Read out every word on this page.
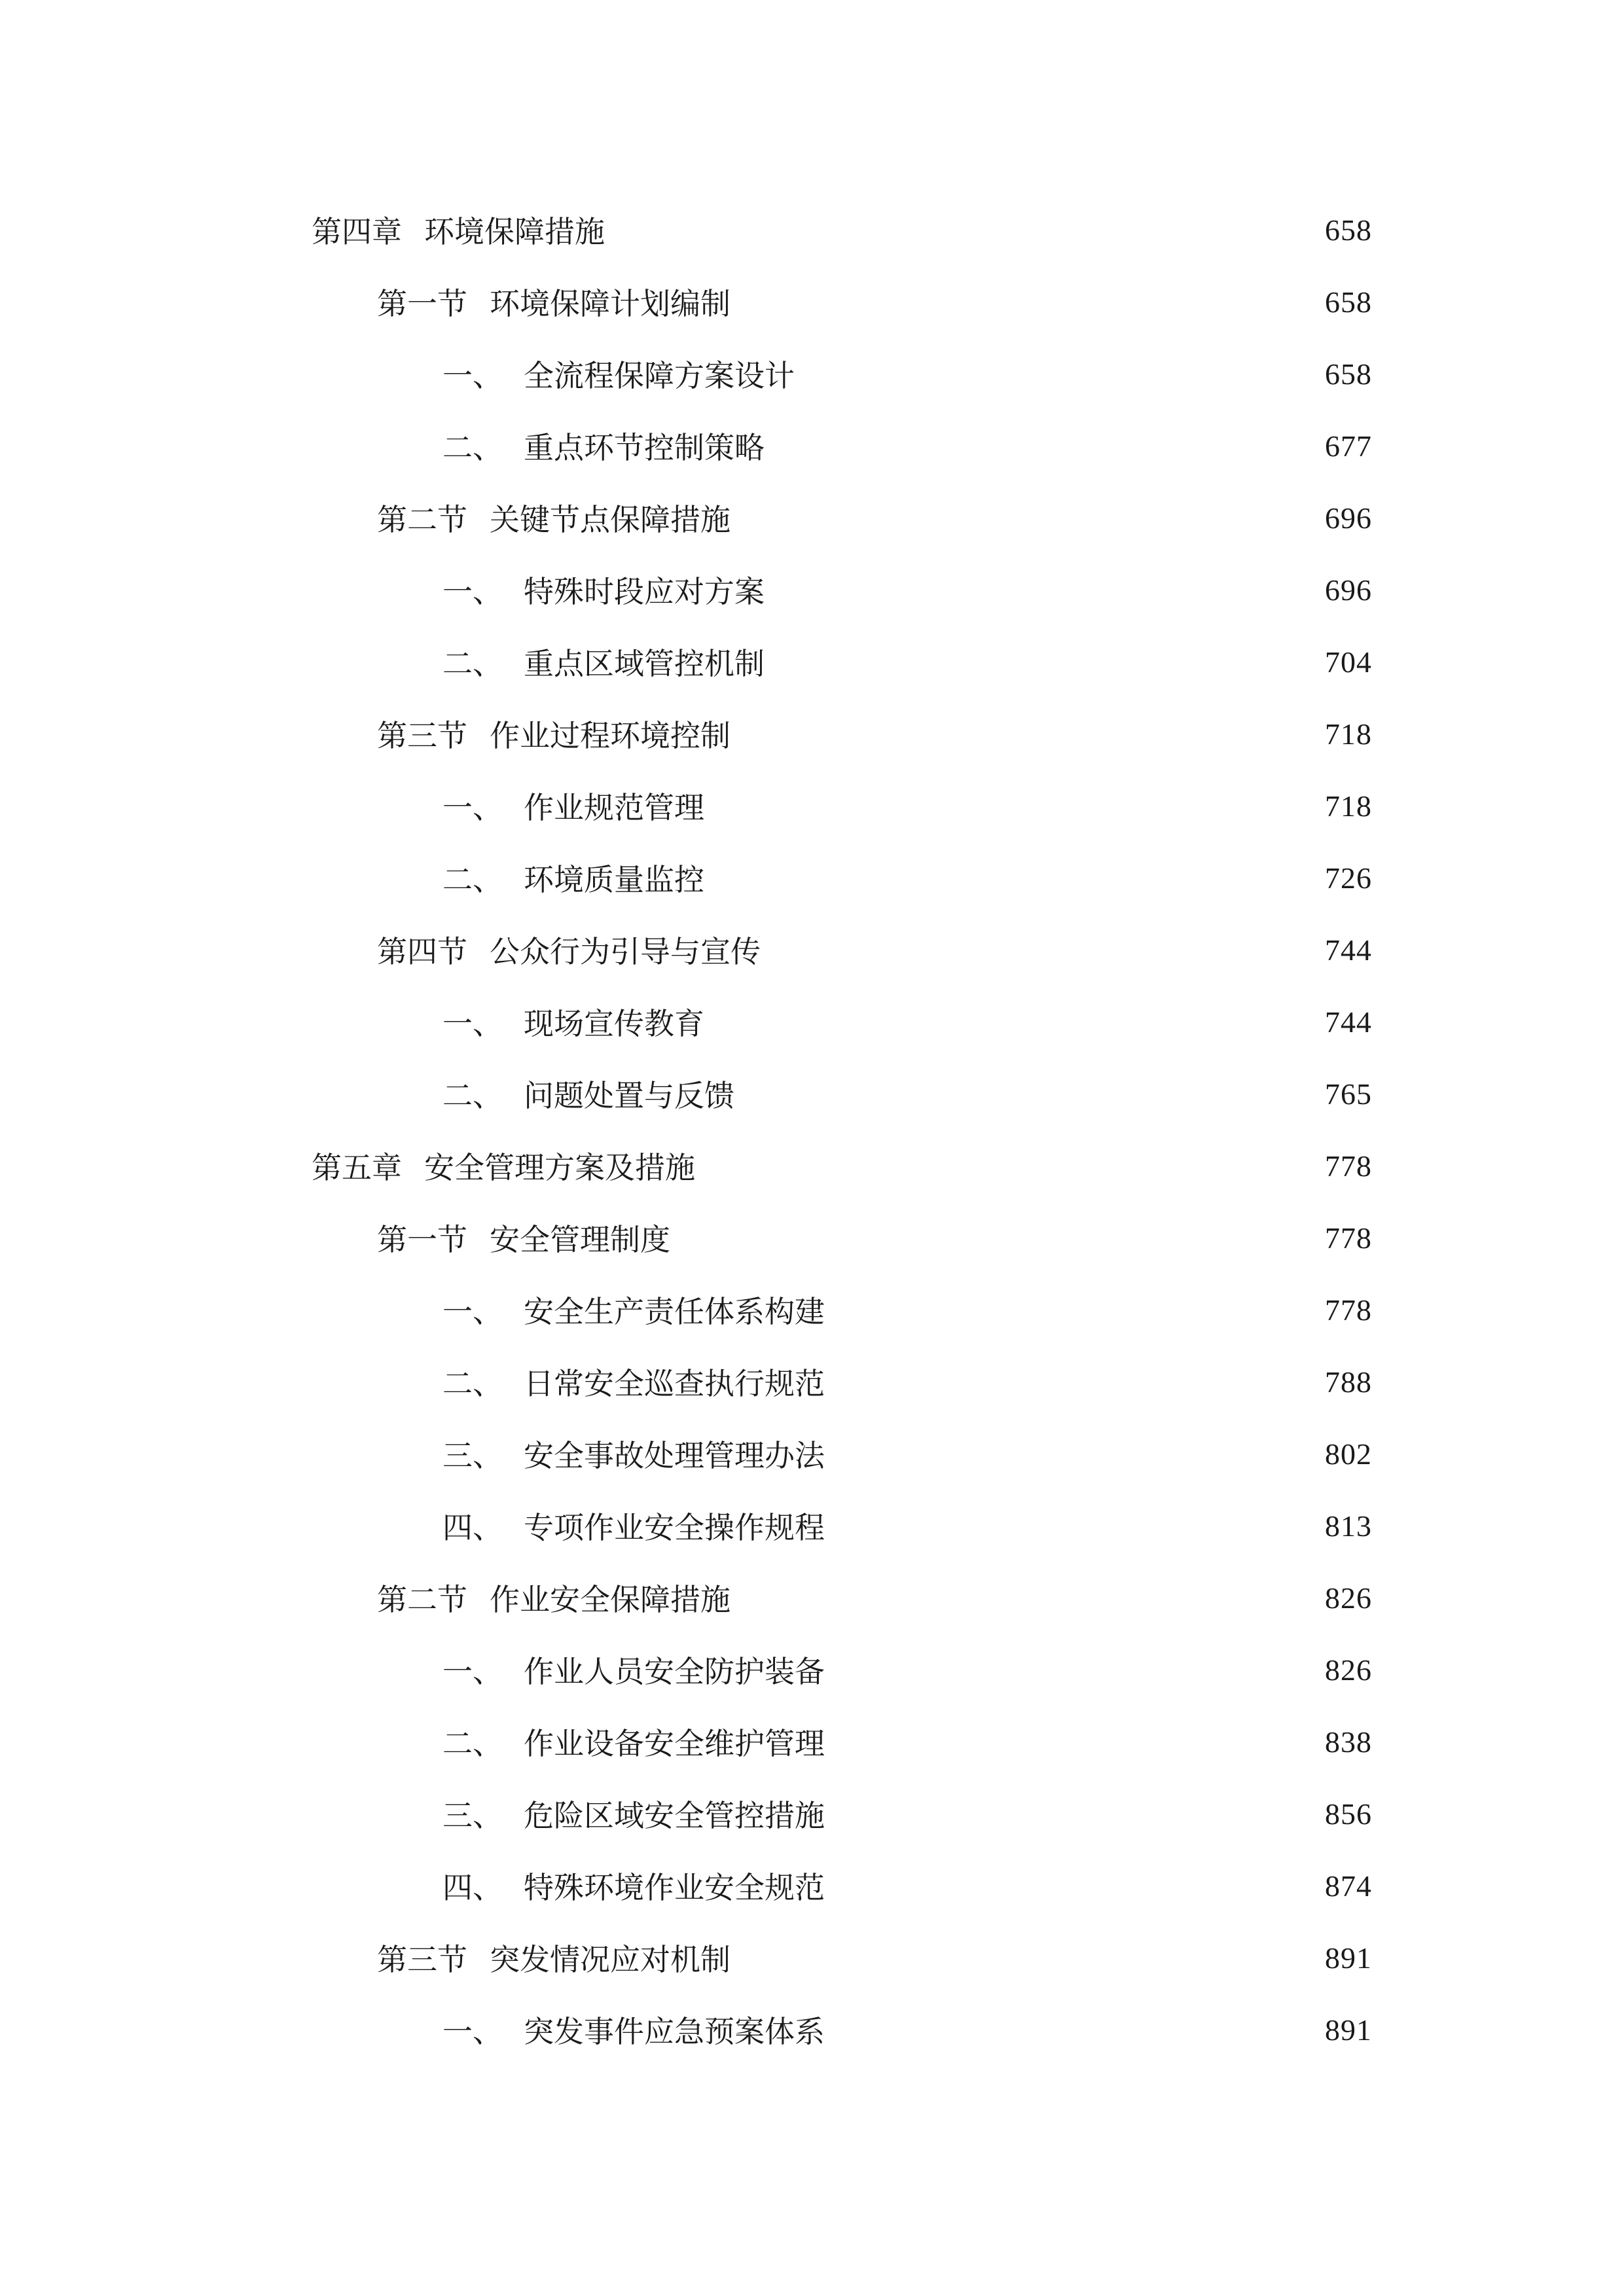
第四章 环境保障措施	658
第一节 环境保障计划编制	658
一、 全流程保障方案设计	658
二、 重点环节控制策略	677
第二节 关键节点保障措施	696
一、 特殊时段应对方案	696
二、 重点区域管控机制	704
第三节 作业过程环境控制	718
一、 作业规范管理	718
二、 环境质量监控	726
第四节 公众行为引导与宣传	744
一、 现场宣传教育	744
二、 问题处置与反馈	765
第五章 安全管理方案及措施	778
第一节 安全管理制度	778
一、 安全生产责任体系构建	778
二、 日常安全巡查执行规范	788
三、 安全事故处理管理办法	802
四、 专项作业安全操作规程	813
第二节 作业安全保障措施	826
一、 作业人员安全防护装备	826
二、 作业设备安全维护管理	838
三、 危险区域安全管控措施	856
四、 特殊环境作业安全规范	874
第三节 突发情况应对机制	891
一、 突发事件应急预案体系	891
